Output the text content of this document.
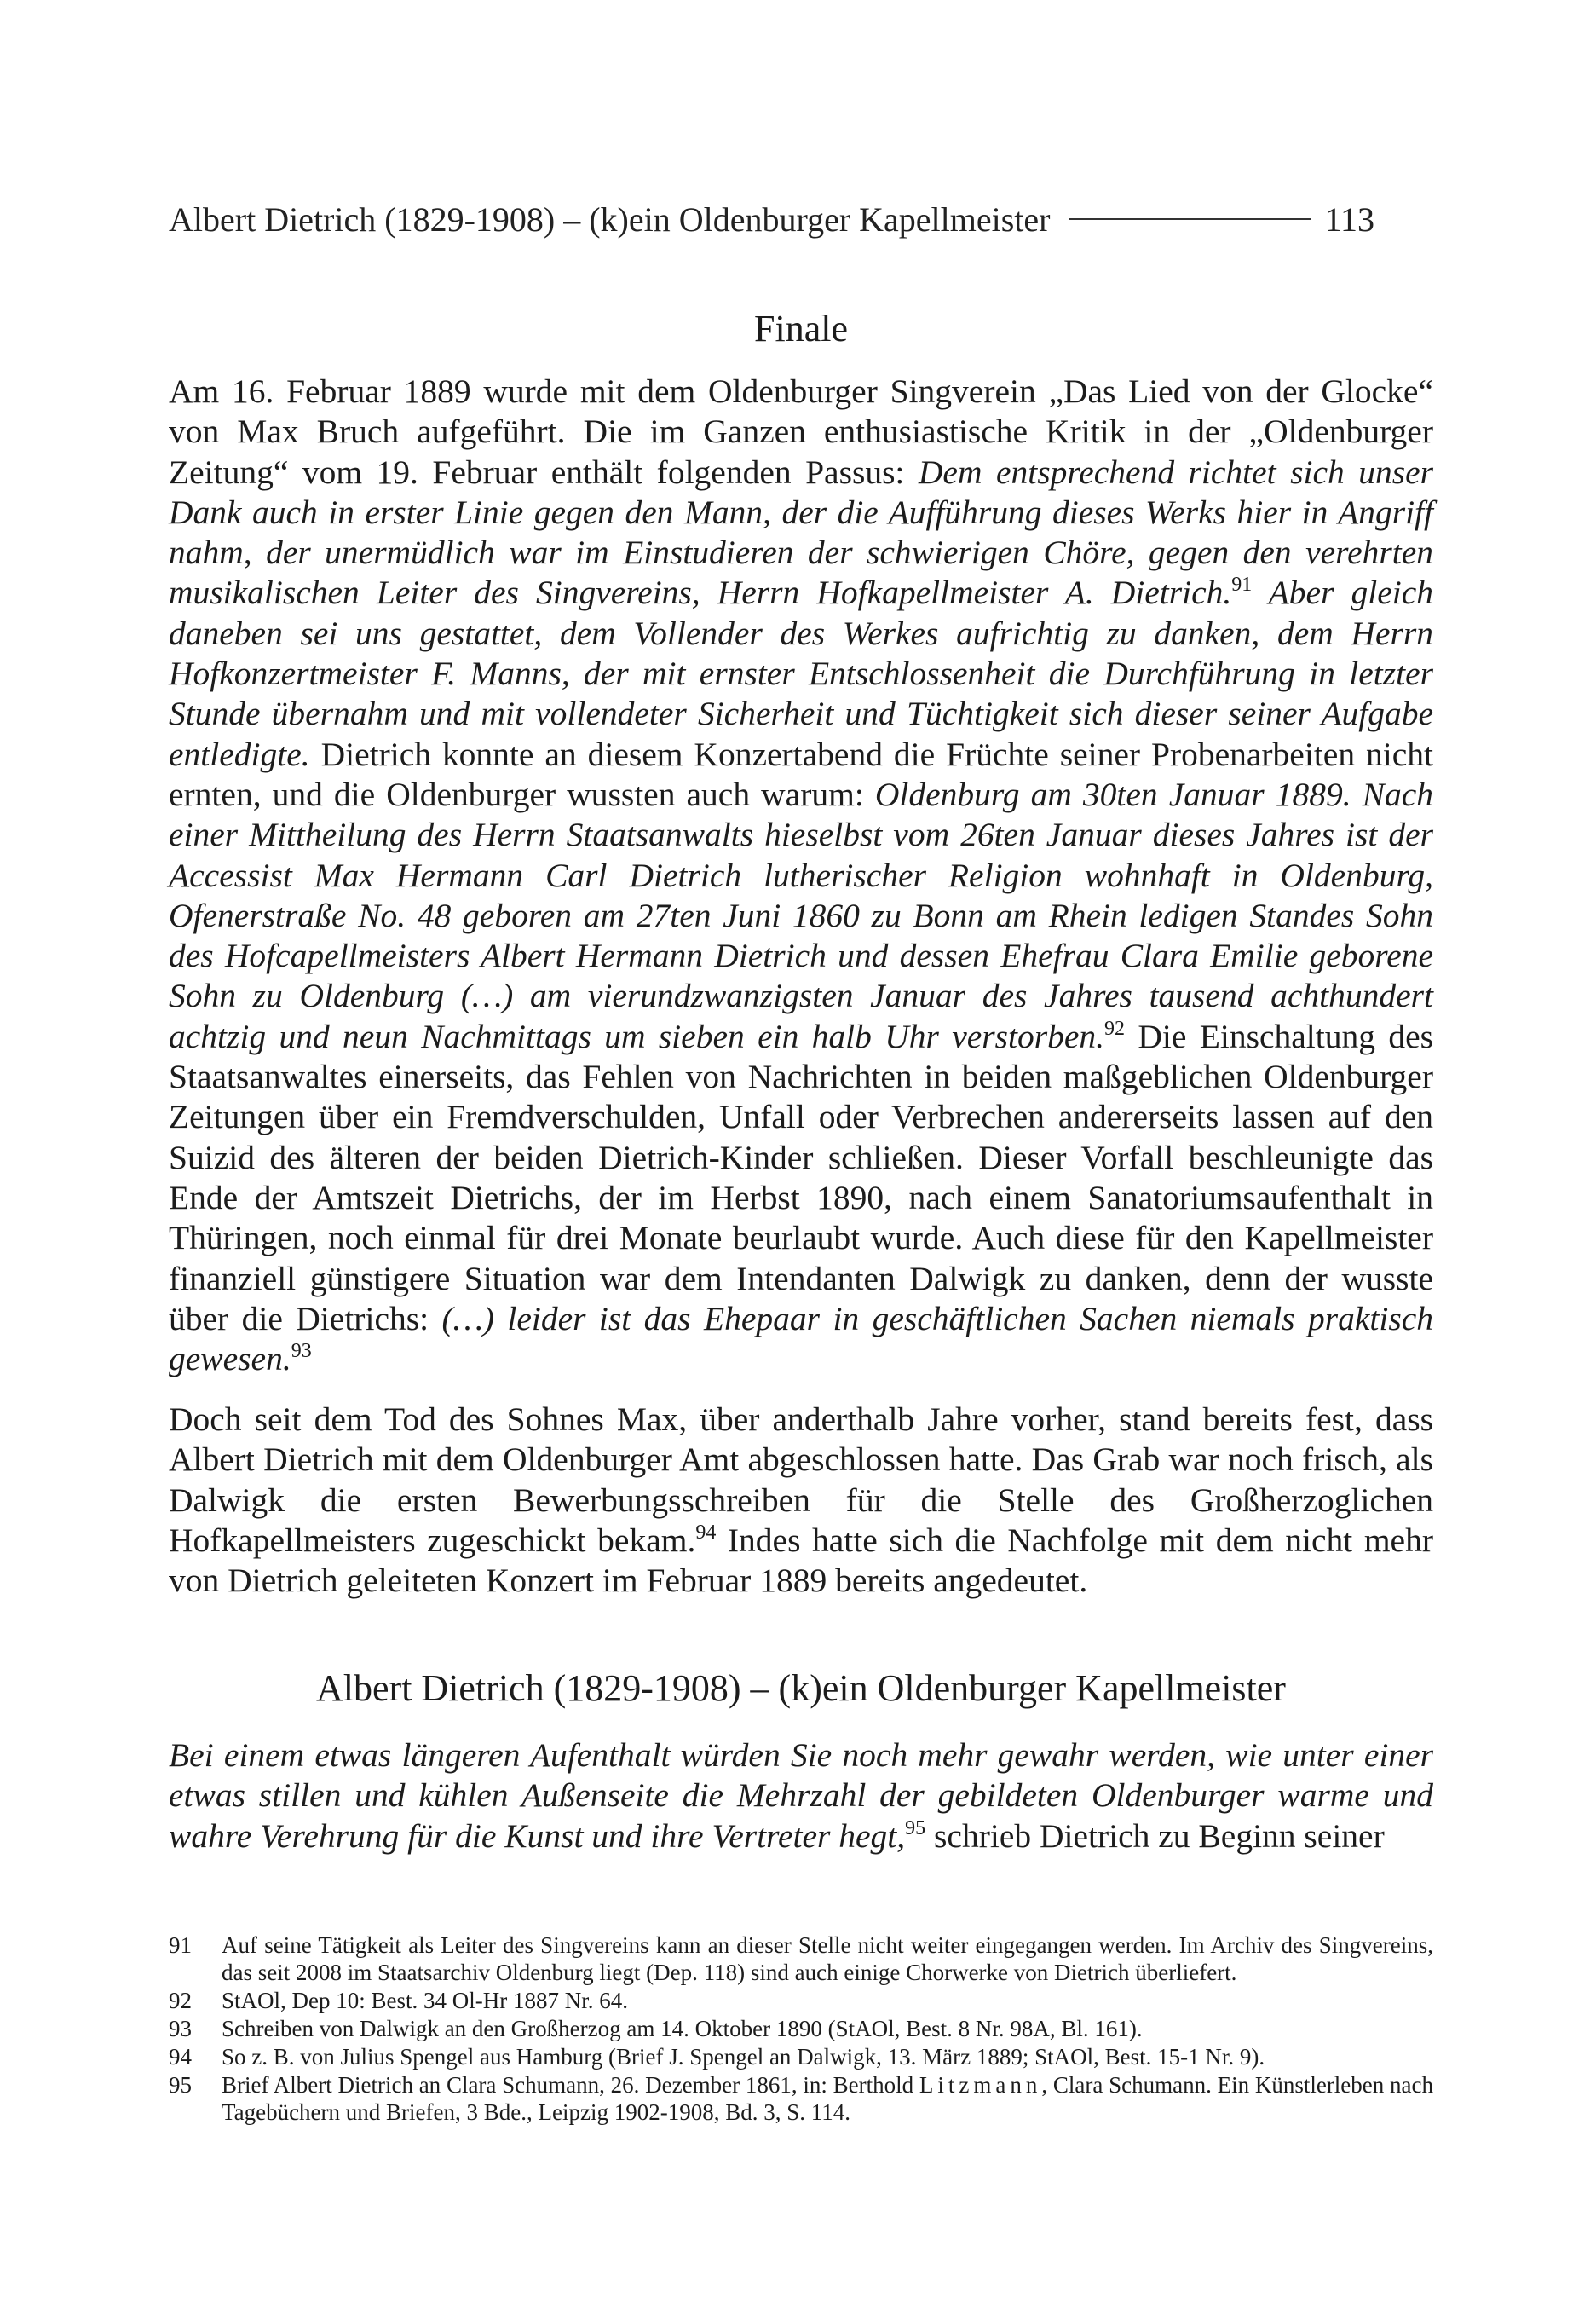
Albert Dietrich (1829-1908) – (k)ein Oldenburger Kapellmeister	113
Finale

Am 16. Februar 1889 wurde mit dem Oldenburger Singverein „Das Lied von der Glocke“ von Max Bruch aufgeführt. Die im Ganzen enthusiastische Kritik in der „Oldenburger Zeitung“ vom 19. Februar enthält folgenden Passus: Dem entsprechend richtet sich unser Dank auch in erster Linie gegen den Mann, der die Aufführung dieses Werks hier in Angriff nahm, der unermüdlich war im Einstudieren der schwierigen Chöre, gegen den verehrten musikalischen Leiter des Singvereins, Herrn Hofkapellmeister A. Dietrich.$^{91}$ Aber gleich daneben sei uns gestattet, dem Vollender des Werkes aufrichtig zu danken, dem Herrn Hofkonzertmeister F. Manns, der mit ernster Entschlossenheit die Durchführung in letzter Stunde übernahm und mit vollendeter Sicherheit und Tüchtigkeit sich dieser seiner Aufgabe entledigte. Dietrich konnte an diesem Konzertabend die Früchte seiner Probenarbeiten nicht ernten, und die Oldenburger wussten auch warum: Oldenburg am 30ten Januar 1889. Nach einer Mittheilung des Herrn Staatsanwalts hieselbst vom 26ten Januar dieses Jahres ist der Accessist Max Hermann Carl Dietrich lutherischer Religion wohnhaft in Oldenburg, Ofenerstraße No. 48 geboren am 27ten Juni 1860 zu Bonn am Rhein ledigen Standes Sohn des Hofcapellmeisters Albert Hermann Dietrich und dessen Ehefrau Clara Emilie geborene Sohn zu Oldenburg (…) am vierundzwanzigsten Januar des Jahres tausend achthundert achtzig und neun Nachmittags um sieben ein halb Uhr verstorben.$^{92}$ Die Einschaltung des Staatsanwaltes einerseits, das Fehlen von Nachrichten in beiden maßgeblichen Oldenburger Zeitungen über ein Fremdverschulden, Unfall oder Verbrechen andererseits lassen auf den Suizid des älteren der beiden Dietrich-Kinder schließen. Dieser Vorfall beschleunigte das Ende der Amtszeit Dietrichs, der im Herbst 1890, nach einem Sanatoriumsaufenthalt in Thüringen, noch einmal für drei Monate beurlaubt wurde. Auch diese für den Kapellmeister finanziell günstigere Situation war dem Intendanten Dalwigk zu danken, denn der wusste über die Dietrichs: (…) leider ist das Ehepaar in geschäftlichen Sachen niemals praktisch gewesen.$^{93}$

Doch seit dem Tod des Sohnes Max, über anderthalb Jahre vorher, stand bereits fest, dass Albert Dietrich mit dem Oldenburger Amt abgeschlossen hatte. Das Grab war noch frisch, als Dalwigk die ersten Bewerbungsschreiben für die Stelle des Großherzoglichen Hofkapellmeisters zugeschickt bekam.$^{94}$ Indes hatte sich die Nachfolge mit dem nicht mehr von Dietrich geleiteten Konzert im Februar 1889 bereits angedeutet.

Albert Dietrich (1829-1908) – (k)ein Oldenburger Kapellmeister

Bei einem etwas längeren Aufenthalt würden Sie noch mehr gewahr werden, wie unter einer etwas stillen und kühlen Außenseite die Mehrzahl der gebildeten Oldenburger warme und wahre Verehrung für die Kunst und ihre Vertreter hegt,$^{95}$ schrieb Dietrich zu Beginn seiner

91	Auf seine Tätigkeit als Leiter des Singvereins kann an dieser Stelle nicht weiter eingegangen werden. Im Archiv des Singvereins, das seit 2008 im Staatsarchiv Oldenburg liegt (Dep. 118) sind auch einige Chorwerke von Dietrich überliefert.
92	StAOl, Dep 10: Best. 34 Ol-Hr 1887 Nr. 64.
93	Schreiben von Dalwigk an den Großherzog am 14. Oktober 1890 (StAOl, Best. 8 Nr. 98A, Bl. 161).
94	So z. B. von Julius Spengel aus Hamburg (Brief J. Spengel an Dalwigk, 13. März 1889; StAOl, Best. 15-1 Nr. 9).
95	Brief Albert Dietrich an Clara Schumann, 26. Dezember 1861, in: Berthold Litzmann, Clara Schumann. Ein Künstlerleben nach Tagebüchern und Briefen, 3 Bde., Leipzig 1902-1908, Bd. 3, S. 114.
